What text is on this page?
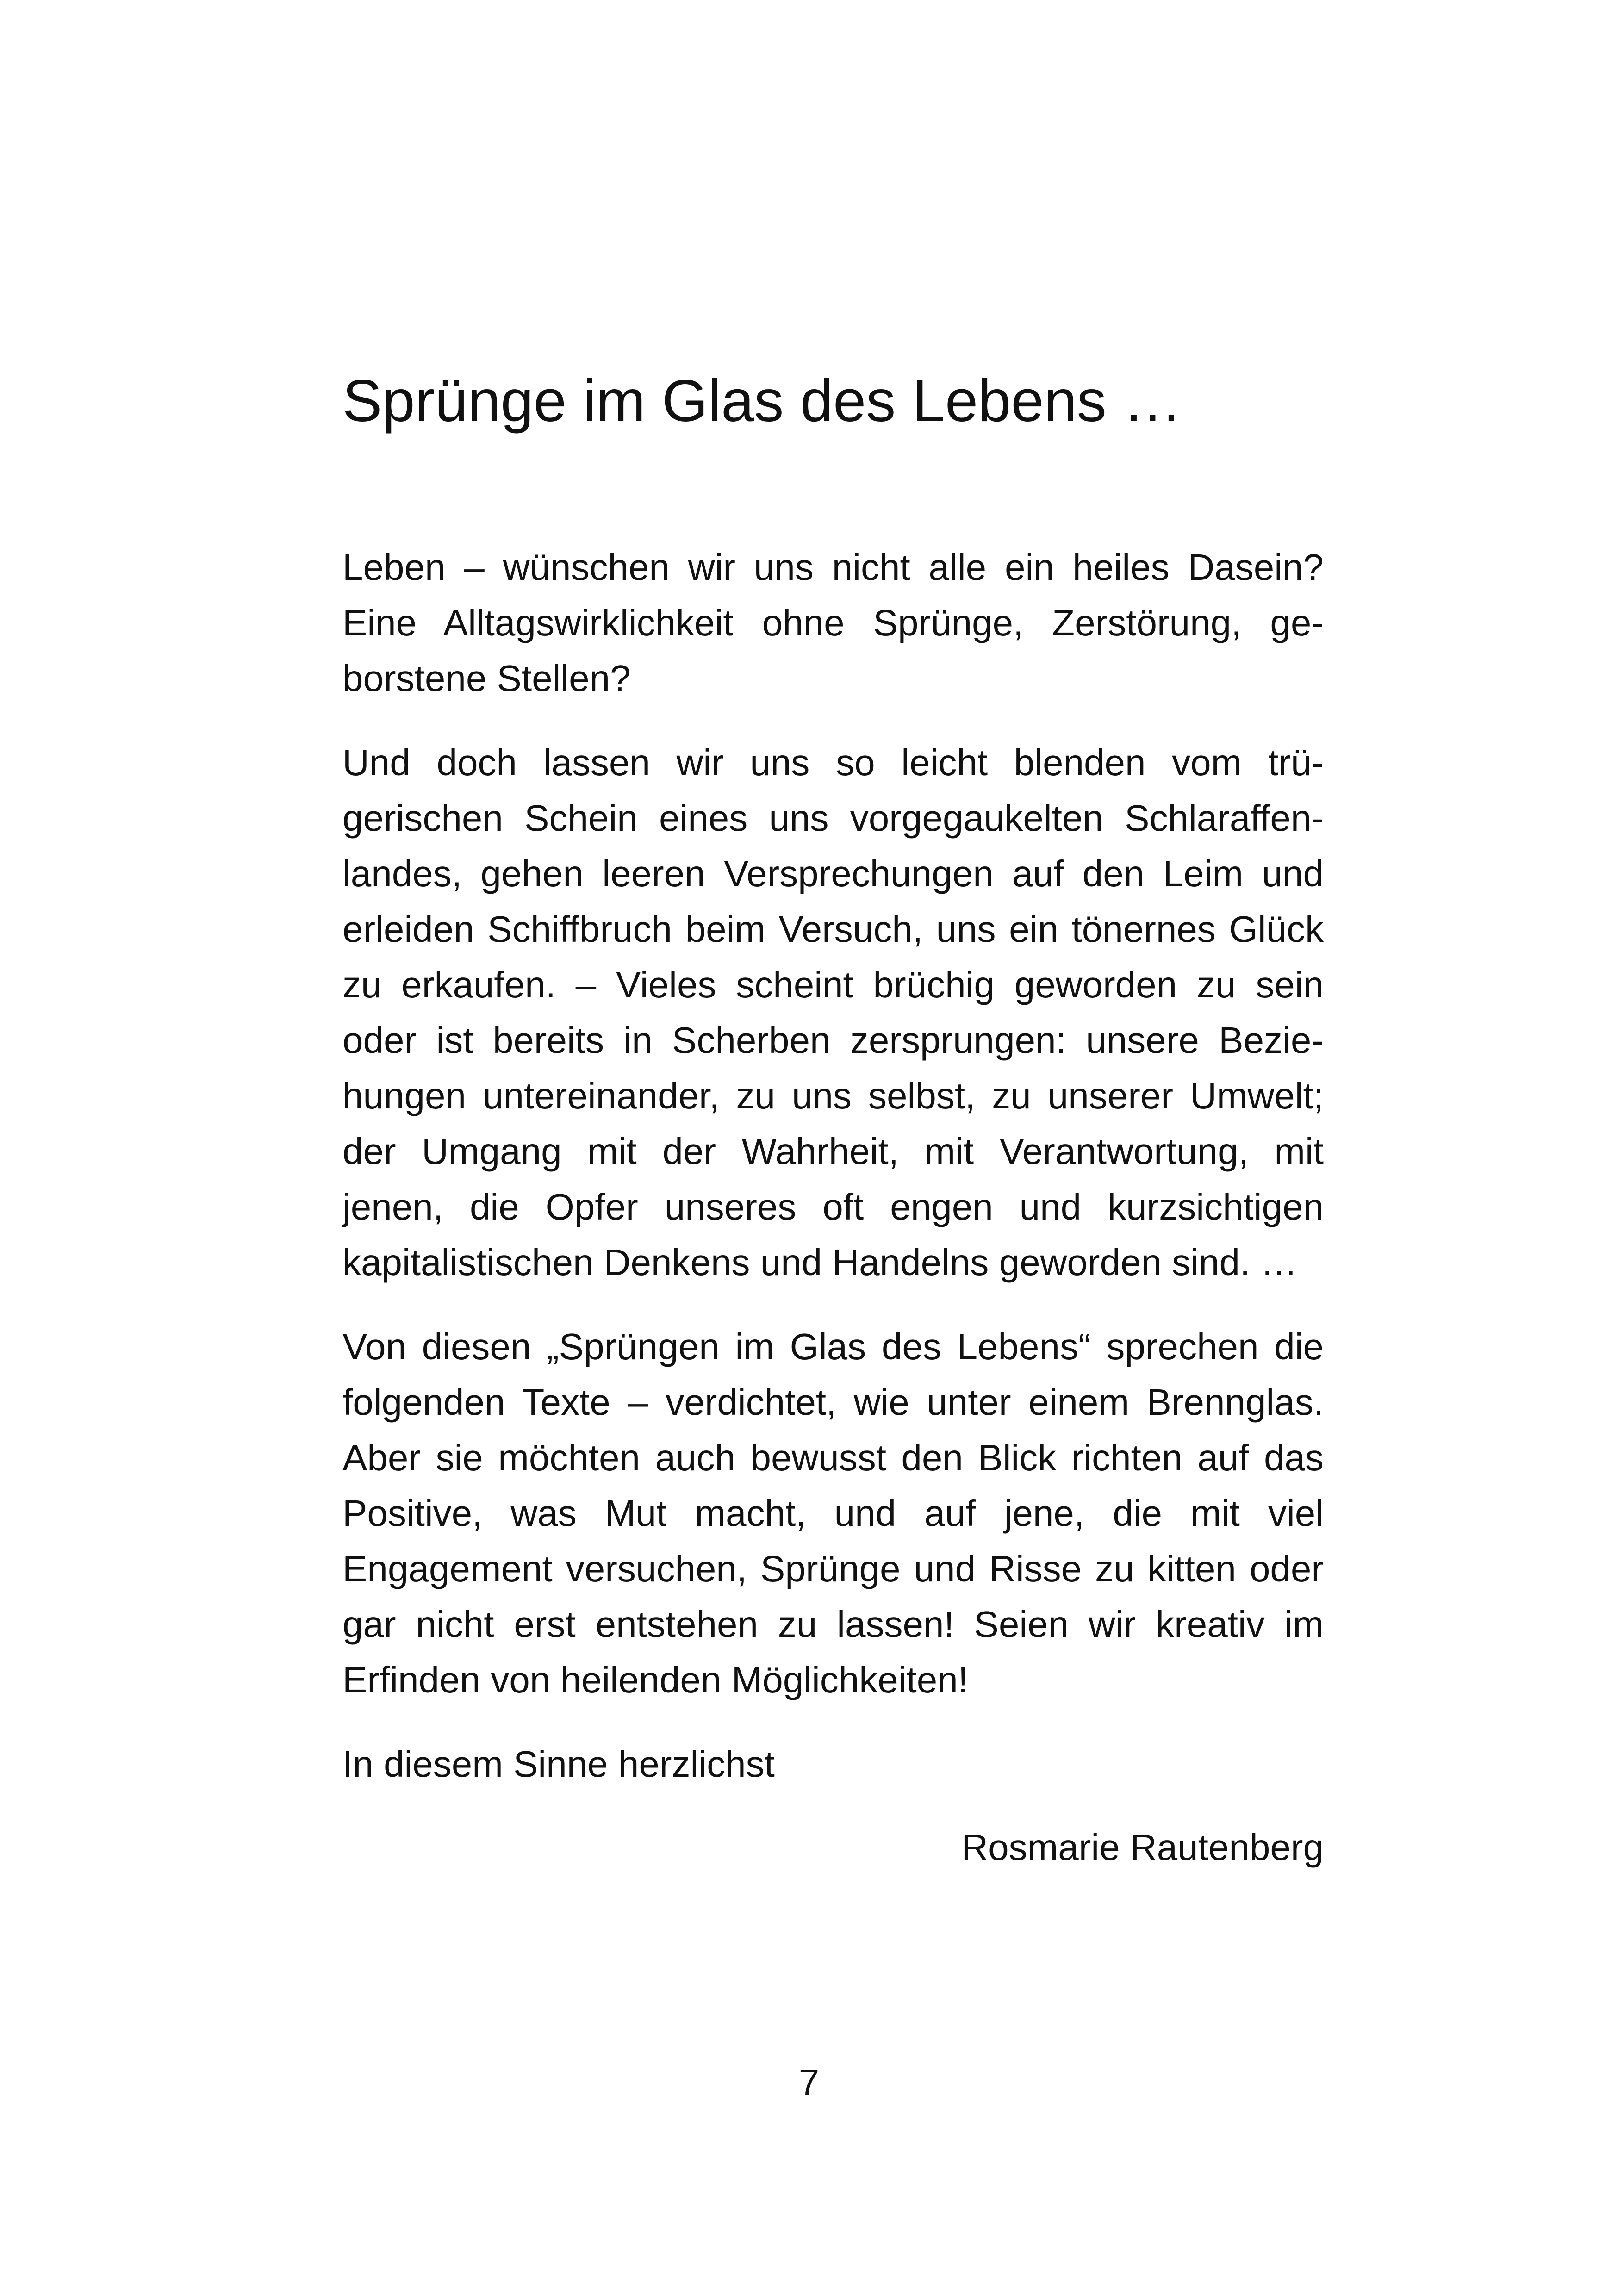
Sprünge im Glas des Lebens …

Leben – wünschen wir uns nicht alle ein heiles Dasein?
Eine Alltagswirklichkeit ohne Sprünge, Zerstörung, ge-
borstene Stellen?

Und doch lassen wir uns so leicht blenden vom trü-
gerischen Schein eines uns vorgegaukelten Schlaraffen-
landes, gehen leeren Versprechungen auf den Leim und
erleiden Schiffbruch beim Versuch, uns ein tönernes Glück
zu erkaufen. – Vieles scheint brüchig geworden zu sein
oder ist bereits in Scherben zersprungen: unsere Bezie-
hungen untereinander, zu uns selbst, zu unserer Umwelt;
der Umgang mit der Wahrheit, mit Verantwortung, mit
jenen, die Opfer unseres oft engen und kurzsichtigen
kapitalistischen Denkens und Handelns geworden sind. …

Von diesen „Sprüngen im Glas des Lebens“ sprechen die
folgenden Texte – verdichtet, wie unter einem Brennglas.
Aber sie möchten auch bewusst den Blick richten auf das
Positive, was Mut macht, und auf jene, die mit viel
Engagement versuchen, Sprünge und Risse zu kitten oder
gar nicht erst entstehen zu lassen! Seien wir kreativ im
Erfinden von heilenden Möglichkeiten!

In diesem Sinne herzlichst

Rosmarie Rautenberg

7
